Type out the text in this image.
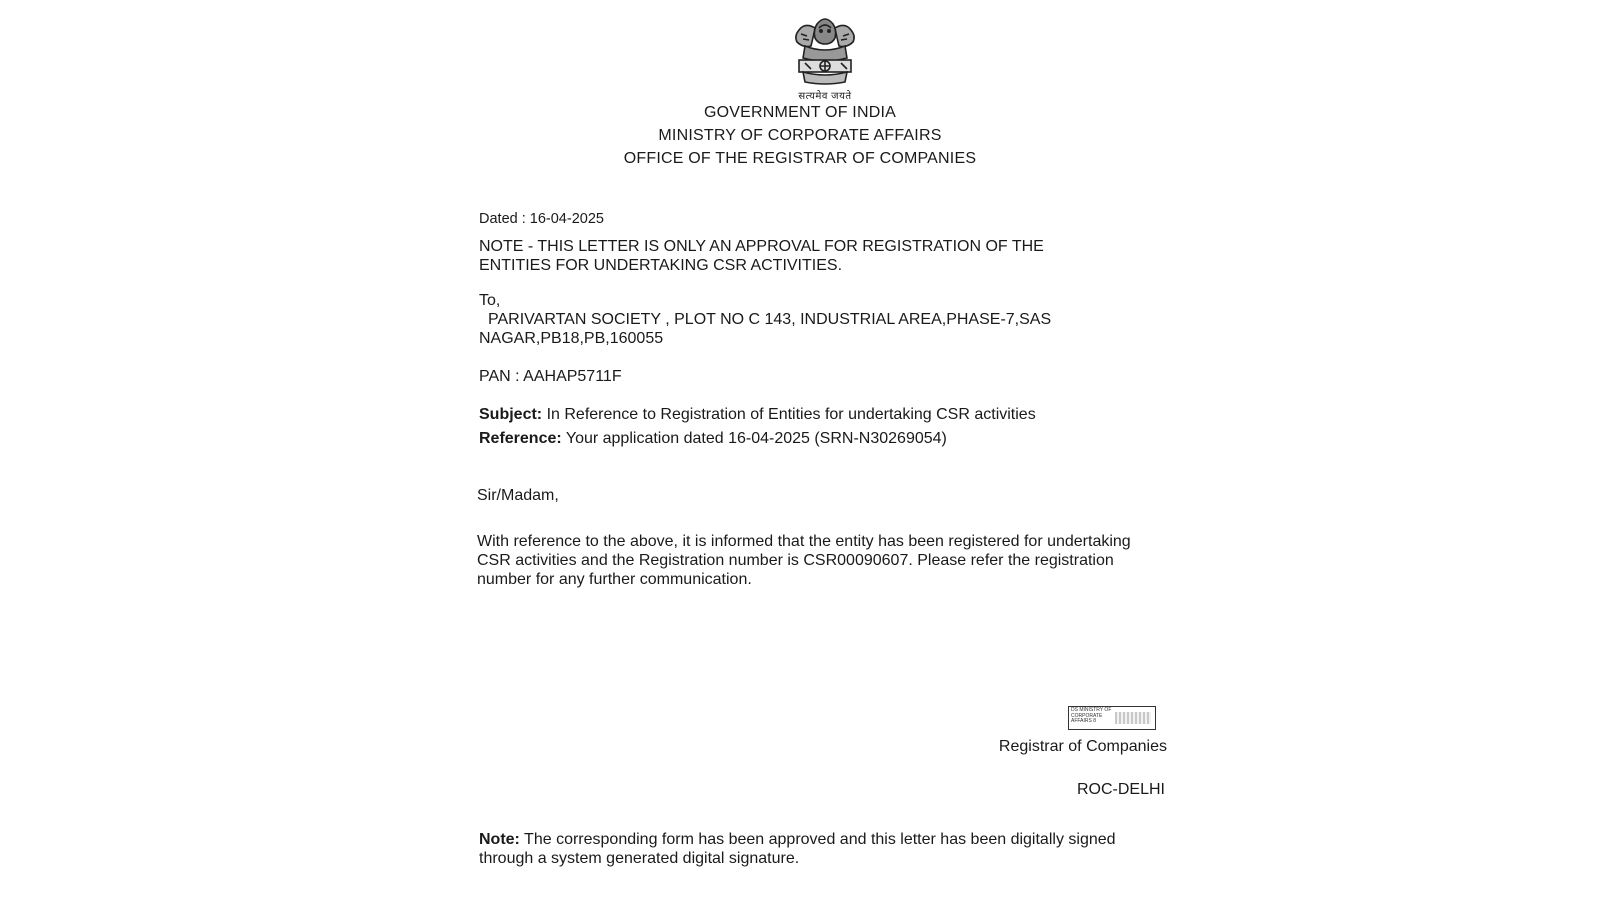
सत्यमेव जयते
GOVERNMENT OF INDIA
MINISTRY OF CORPORATE AFFAIRS
OFFICE OF THE REGISTRAR OF COMPANIES
Dated : 16-04-2025
NOTE - THIS LETTER IS ONLY AN APPROVAL FOR REGISTRATION OF THE
ENTITIES FOR UNDERTAKING CSR ACTIVITIES.
To,
PARIVARTAN SOCIETY , PLOT NO C 143, INDUSTRIAL AREA,PHASE-7,SAS
NAGAR,PB18,PB,160055
PAN : AAHAP5711F
Subject: In Reference to Registration of Entities for undertaking CSR activities
Reference: Your application dated 16-04-2025 (SRN-N30269054)
Sir/Madam,
With reference to the above, it is informed that the entity has been registered for undertaking
CSR activities and the Registration number is CSR00090607. Please refer the registration
number for any further communication.
DS MINISTRY OF CORPORATE AFFAIRS 8
Registrar of Companies
ROC-DELHI
Note: The corresponding form has been approved and this letter has been digitally signed
through a system generated digital signature.
